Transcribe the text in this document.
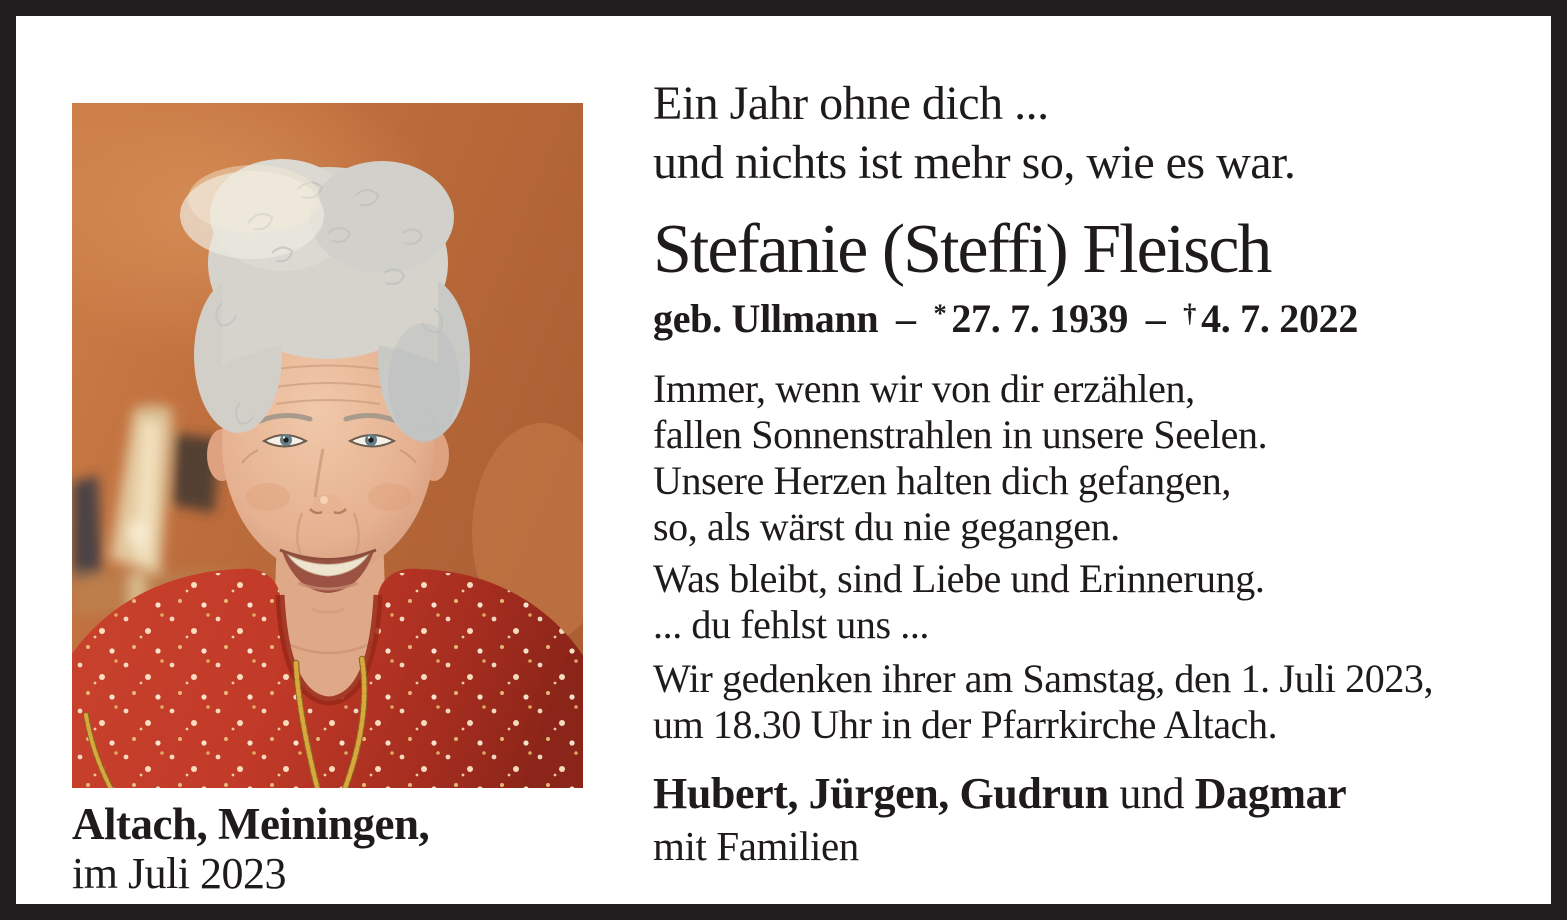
Altach, Meiningen,
im Juli 2023
Ein Jahr ohne dich ...
und nichts ist mehr so, wie es war.
Stefanie (Steffi) Fleisch
geb. Ullmann – * 27. 7. 1939 – † 4. 7. 2022
Immer, wenn wir von dir erzählen,
fallen Sonnenstrahlen in unsere Seelen.
Unsere Herzen halten dich gefangen,
so, als wärst du nie gegangen.
Was bleibt, sind Liebe und Erinnerung.
... du fehlst uns ...
Wir gedenken ihrer am Samstag, den 1. Juli 2023,
um 18.30 Uhr in der Pfarrkirche Altach.
Hubert, Jürgen, Gudrun und Dagmar
mit Familien
